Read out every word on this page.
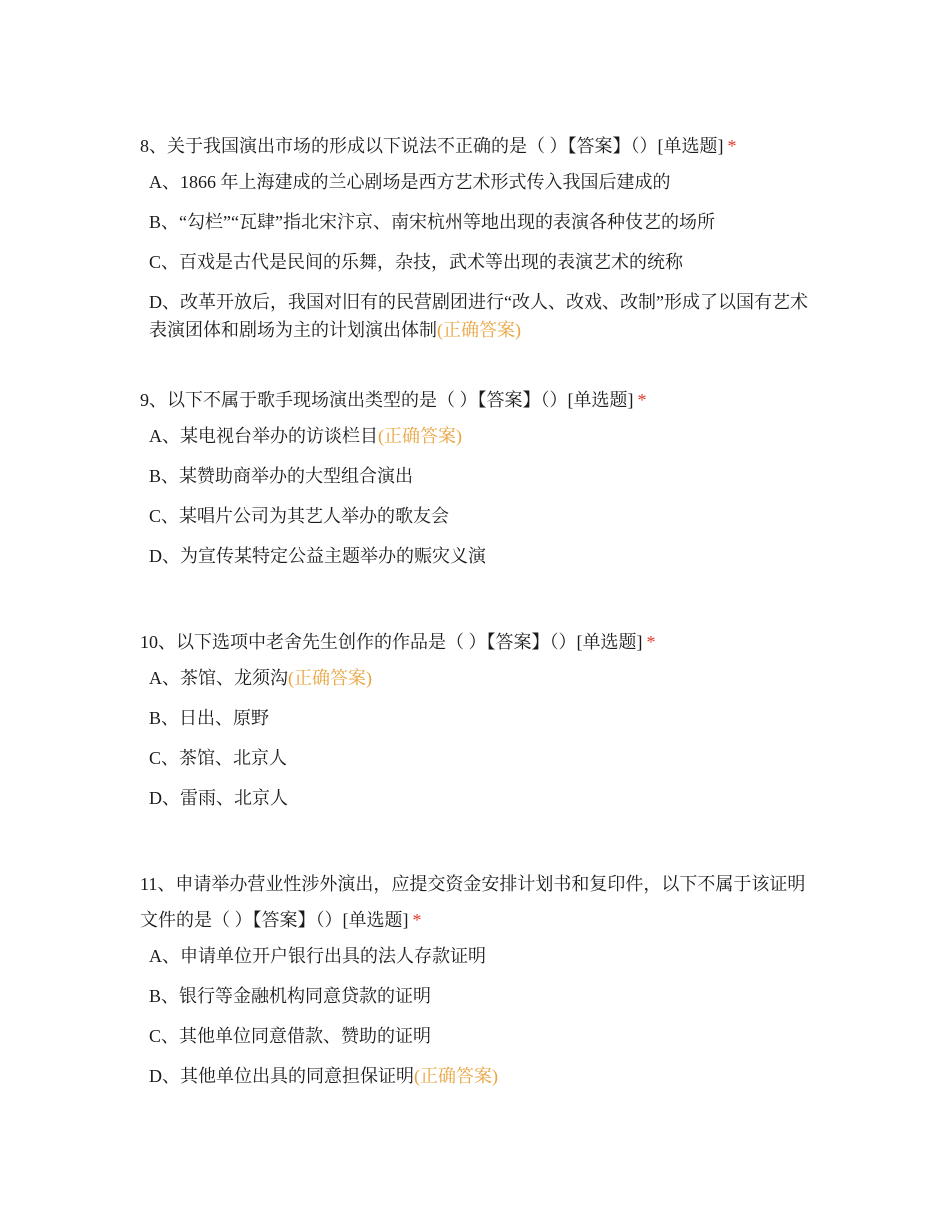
8、关于我国演出市场的形成以下说法不正确的是（ ）【答案】（）[单选题] *

A、1866 年上海建成的兰心剧场是西方艺术形式传入我国后建成的

B、“勾栏”“瓦肆”指北宋汴京、南宋杭州等地出现的表演各种伎艺的场所

C、百戏是古代是民间的乐舞，杂技，武术等出现的表演艺术的统称

D、改革开放后，我国对旧有的民营剧团进行“改人、改戏、改制”形成了以国有艺术表演团体和剧场为主的计划演出体制(正确答案)

9、以下不属于歌手现场演出类型的是（ ）【答案】（）[单选题] *

A、某电视台举办的访谈栏目(正确答案)

B、某赞助商举办的大型组合演出

C、某唱片公司为其艺人举办的歌友会

D、为宣传某特定公益主题举办的赈灾义演

10、以下选项中老舍先生创作的作品是（ ）【答案】（）[单选题] *

A、茶馆、龙须沟(正确答案)

B、日出、原野

C、茶馆、北京人

D、雷雨、北京人

11、申请举办营业性涉外演出，应提交资金安排计划书和复印件，以下不属于该证明文件的是（ ）【答案】（）[单选题] *

A、申请单位开户银行出具的法人存款证明

B、银行等金融机构同意贷款的证明

C、其他单位同意借款、赞助的证明

D、其他单位出具的同意担保证明(正确答案)
